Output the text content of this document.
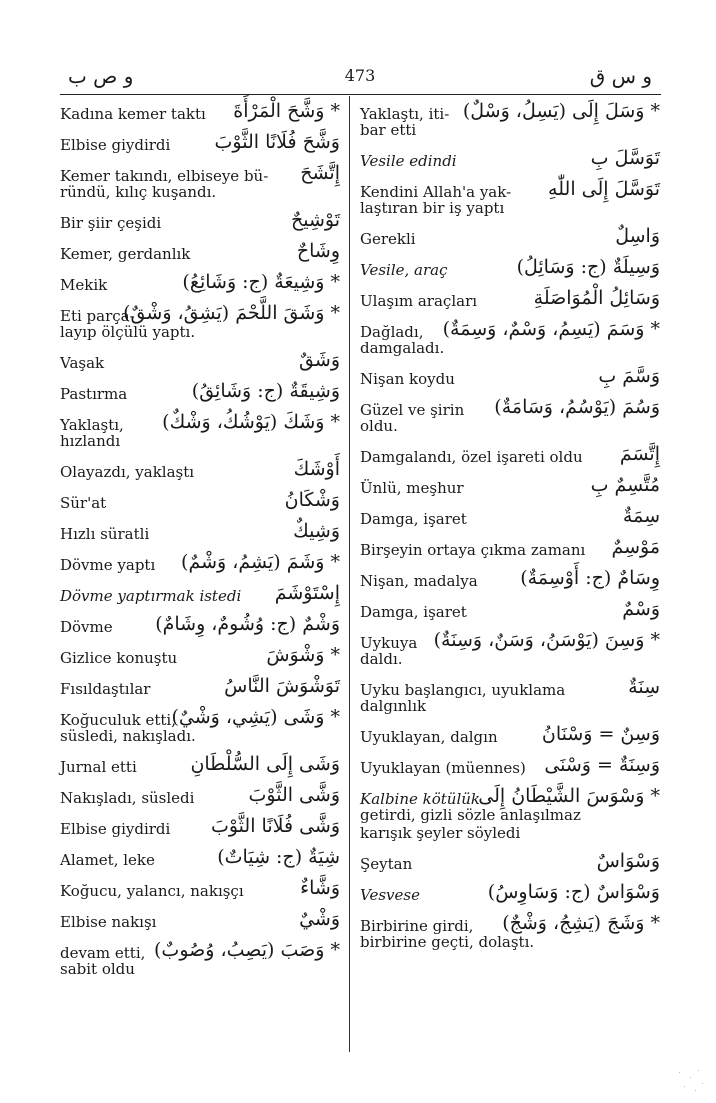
و ص ب	473	و س ق
Kadına kemer taktı * وَشَّحَ الْمَرْأَةَ
Elbise giydirdi وَشَّحَ فُلَانًا الثَّوْبَ
Kemer takındı, elbiseye bü- إِتَّشَحَ
ründü, kılıç kuşandı.
Bir şiir çeşidi	تَوْشِيحٌ
Kemer, gerdanlık	وِشَاحٌ
Mekik	* وَشِيعَةٌ (ج: وَشَائِعُ)
Eti parça-
* وَشَقَ اللَّحْمَ (يَشِقُ، وَشْقٌ)
layıp ölçülü yaptı.
Vaşak	وَشَقٌ
Pastırma	وَشِيقَةٌ (ج: وَشَائِقُ)
Yaklaştı, * وَشَكَ (يَوْشُكُ، وَشْكٌ)
hızlandı
Olayazdı, yaklaştı	أَوْشَكَ
Sür'at	وَشْكَانُ
Hızlı süratli	وَشِيكٌ
Dövme yaptı * وَشَمَ (يَشِمُ، وَشْمٌ)
Dövme yaptırmak istedi إِسْتَوْشَمَ
Dövme وَشْمٌ (ج: وُشُومٌ، وِشَامٌ)
Gizlice konuştu	* وَشْوَشَ
Fısıldaştılar	تَوَشْوَشَ النَّاسُ
Koğuculuk etti,
* وَشَى (يَشِي، وَشْيٌ)
süsledi, nakışladı.
Jurnal etti	وَشَى إِلَى السُّلْطَانِ
Nakışladı, süsledi	وَشَّى الثَّوْبَ
Elbise giydirdi وَشَّى فُلَانًا الثَّوْبَ
Alamet, leke	شِيَةٌ (ج: شِيَاتٌ)
Koğucu, yalancı, nakışçı	وَشَّاءٌ
Elbise nakışı	وَشْيٌ
devam etti, * وَصَبَ (يَصِبُ، وُصُوبٌ)
sabit oldu
Yaklaştı, iti- * وَسَلَ إِلَى (يَسِلُ، وَسْلٌ)
bar etti
Vesile edindi	تَوَسَّلَ بِ
Kendini Allah'a yak- تَوَسَّلَ إِلَى اللّٰهِ
laştıran bir iş yaptı
Gerekli	وَاسِلٌ
Vesile, araç	وَسِيلَةٌ (ج: وَسَائِلُ)
Ulaşım araçları	وَسَائِلُ الْمُوَاصَلَةِ
Dağladı, * وَسَمَ (يَسِمُ، وَسْمٌ، وَسِمَةٌ)
damgaladı.
Nişan koydu	وَسَّمَ بِ
Güzel ve şirin وَسُمَ (يَوْسُمُ، وَسَامَةٌ)
oldu.
Damgalandı, özel işareti oldu إِتَّسَمَ
Ünlü, meşhur	مُتَّسِمٌ بِ
Damga, işaret	سِمَةٌ
Birşeyin ortaya çıkma zamanı مَوْسِمٌ
Nişan, madalya وِسَامٌ (ج: أَوْسِمَةٌ)
Damga, işaret	وَسْمٌ
Uykuya * وَسِنَ (يَوْسَنُ، وَسَنٌ، وَسِنَةٌ)
daldı.
Uyku başlangıcı, uyuklama	سِنَةٌ
dalgınlık
Uyuklayan, dalgın وَسِنٌ = وَسْنَانُ
Uyuklayan (müennes) وَسِنَةٌ = وَسْنَى
Kalbine kötülük
* وَسْوَسَ الشَّيْطَانُ إِلَى
getirdi, gizli sözle anlaşılmaz
karışık şeyler söyledi
Şeytan	وَسْوَاسٌ
Vesvese	وَسْوَاسٌ (ج: وَسَاوِسُ)
Birbirine girdi, * وَشَجَ (يَشِجُ، وَشْجٌ)
birbirine geçti, dolaştı.
